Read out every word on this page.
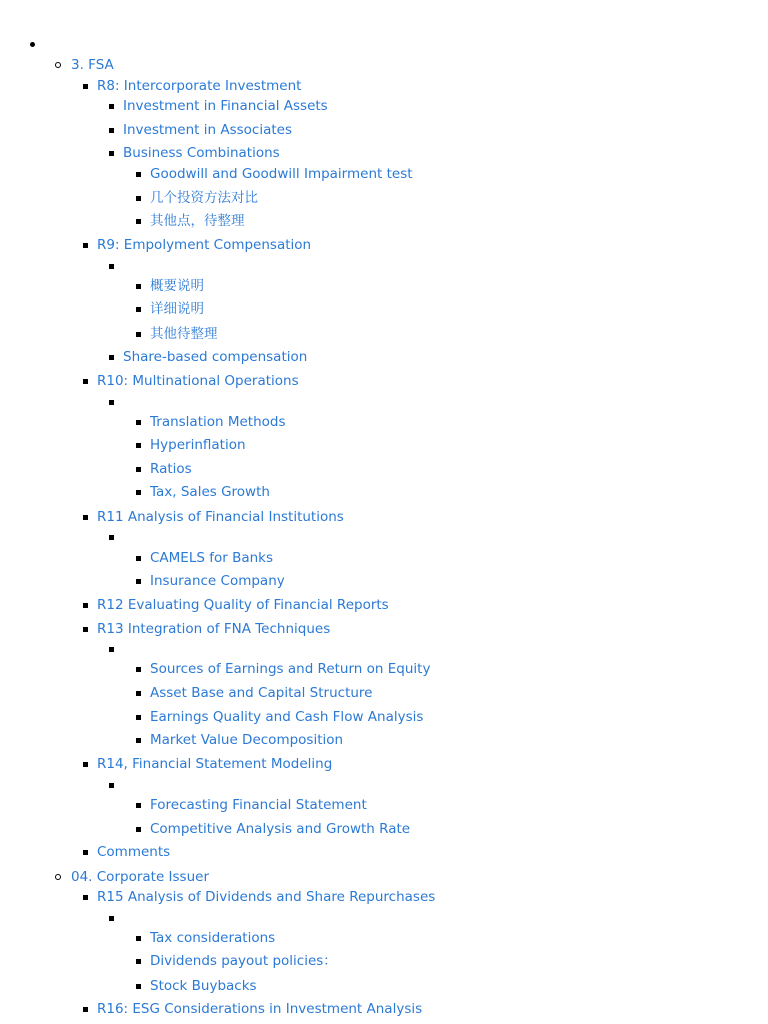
3. FSA
R8: Intercorporate Investment
Investment in Financial Assets
Investment in Associates
Business Combinations
Goodwill and Goodwill Impairment test
几个投资方法对比
其他点，待整理
R9: Empolyment Compensation
概要说明
详细说明
其他待整理
Share-based compensation
R10: Multinational Operations
Translation Methods
Hyperinflation
Ratios
Tax, Sales Growth
R11 Analysis of Financial Institutions
CAMELS for Banks
Insurance Company
R12 Evaluating Quality of Financial Reports
R13 Integration of FNA Techniques
Sources of Earnings and Return on Equity
Asset Base and Capital Structure
Earnings Quality and Cash Flow Analysis
Market Value Decomposition
R14, Financial Statement Modeling
Forecasting Financial Statement
Competitive Analysis and Growth Rate
Comments
04. Corporate Issuer
R15 Analysis of Dividends and Share Repurchases
Tax considerations
Dividends payout policies：
Stock Buybacks
R16: ESG Considerations in Investment Analysis
